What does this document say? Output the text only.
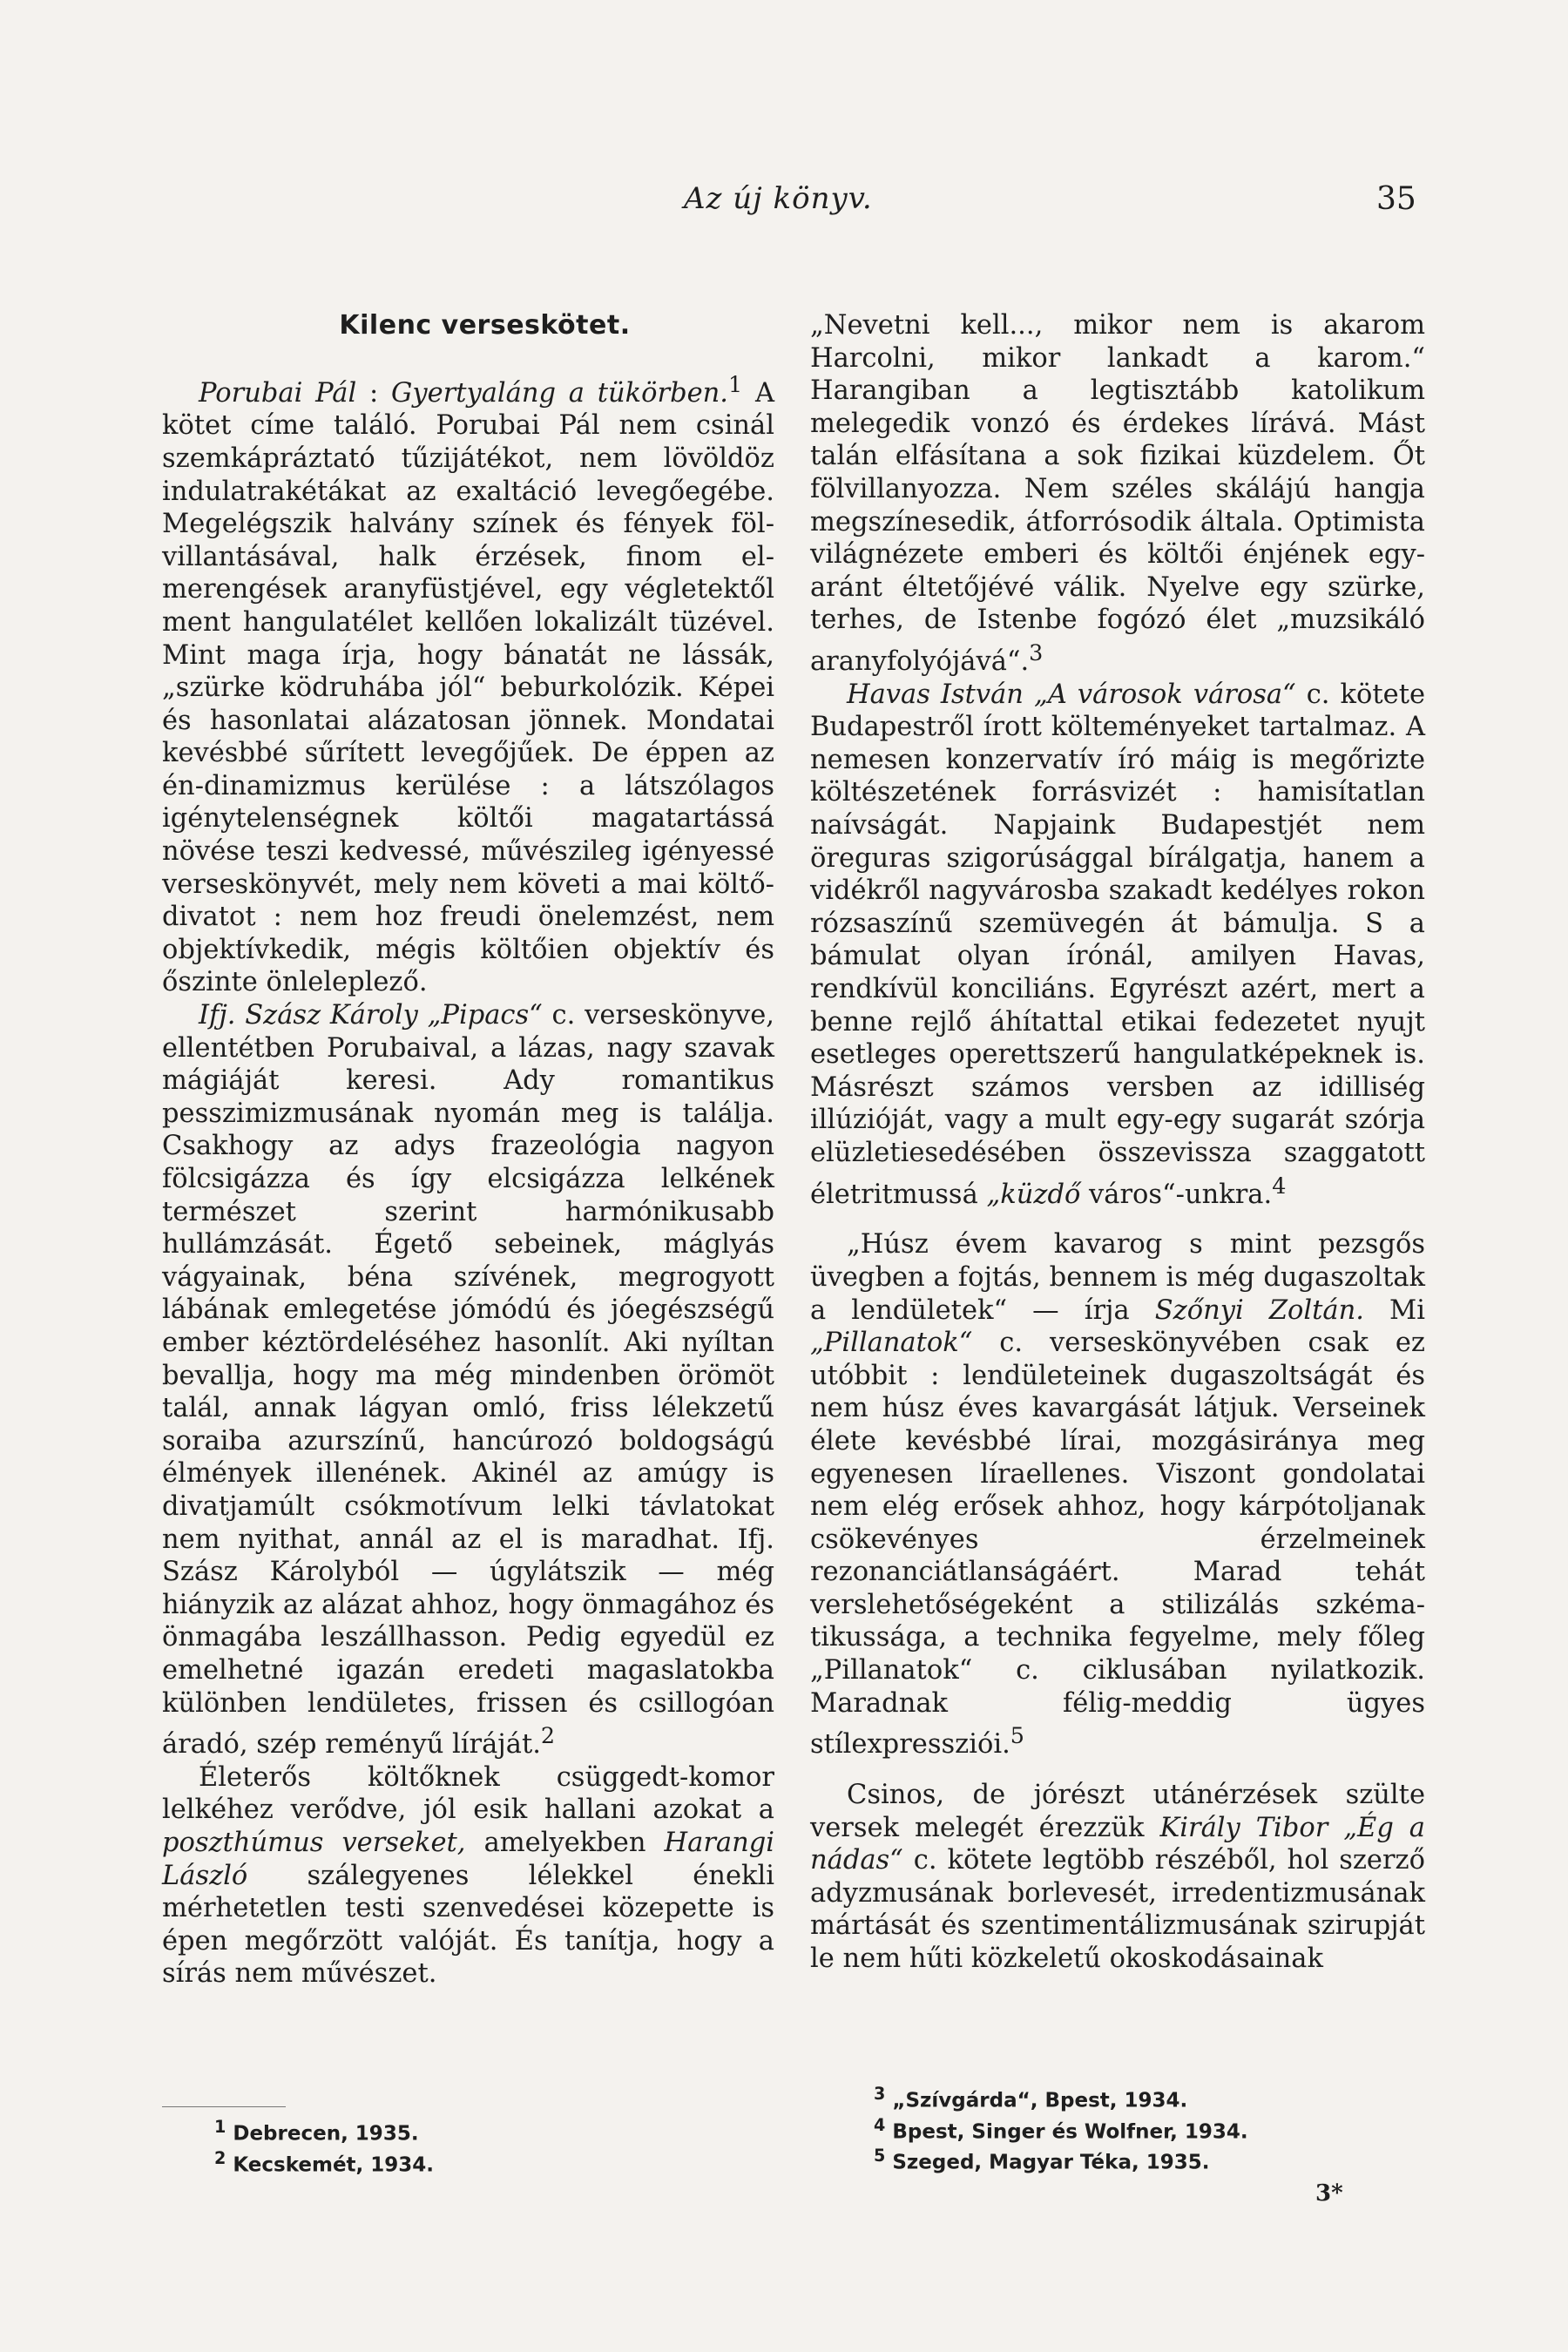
Az új könyv.	35
Kilenc verseskötet.

Porubai Pál : Gyertyaláng a tükörben.$^1$ A kötet címe találó. Porubai Pál nem csinál szemkápráztató tűzijátékot, nem lövöldöz indulatrakétákat az exaltáció levegőegébe. Megelégszik halvány színek és fények fölvillantásával, halk érzések, finom elmerengések aranyfüstjével, egy végletektől ment hangulatélet kellően lokalizált tüzével. Mint maga írja, hogy bánatát ne lássák, „szürke ködruhába jól“ beburkolózik. Képei és hasonlatai alázatosan jönnek. Mondatai kevésbbé sűrített levegőjűek. De éppen az én-dinamizmus kerülése : a látszólagos igénytelenségnek költői magatartássá növése teszi kedvessé, művészileg igényessé verseskönyvét, mely nem követi a mai költő-divatot : nem hoz freudi önelemzést, nem objektívkedik, mégis költőien objektív és őszinte önleleplező.

Ifj. Szász Károly „Pipacs“ c. verseskönyve, ellentétben Porubaival, a lázas, nagy szavak mágiáját keresi. Ady romantikus pesszimizmusának nyomán meg is találja. Csakhogy az adys frazeológia nagyon fölcsigázza és így elcsigázza lelkének természet szerint harmónikusabb hullámzását. Égető sebeinek, máglyás vágyainak, béna szívének, megrogyott lábának emlegetése jómódú és jóegészségű ember kéztördeléséhez hasonlít. Aki nyíltan bevallja, hogy ma még mindenben örömöt talál, annak lágyan omló, friss lélekzetű soraiba azurszínű, hancúrozó boldogságú élmények illenének. Akinél az amúgy is divatjamúlt csókmotívum lelki távlatokat nem nyithat, annál az el is maradhat. Ifj. Szász Károlyból — úgylátszik — még hiányzik az alázat ahhoz, hogy önmagához és önmagába leszállhasson. Pedig egyedül ez emelhetné igazán eredeti magaslatokba különben lendületes, frissen és csillogóan áradó, szép reményű líráját.$^2$

Életerős költőknek csüggedt-komor lelkéhez verődve, jól esik hallani azokat a poszthúmus verseket, amelyekben Harangi László szálegyenes lélekkel énekli mérhetetlen testi szenvedései közepette is épen megőrzött valóját. És tanítja, hogy a sírás nem művészet.

„Nevetni kell..., mikor nem is akarom Harcolni, mikor lankadt a karom.“ Harangiban a legtisztább katolikum melegedik vonzó és érdekes lírává. Mást talán elfásítana a sok fizikai küzdelem. Őt fölvillanyozza. Nem széles skálájú hangja megszínesedik, átforrósodik általa. Optimista világnézete emberi és költői énjének egyaránt éltetőjévé válik. Nyelve egy szürke, terhes, de Istenbe fogózó élet „muzsikáló aranyfolyójává“.$^3$

Havas István „A városok városa“ c. kötete Budapestről írott költeményeket tartalmaz. A nemesen konzervatív író máig is megőrizte költészetének forrásvizét : hamisítatlan naívságát. Napjaink Budapestjét nem öreguras szigorúsággal bírálgatja, hanem a vidékről nagyvárosba szakadt kedélyes rokon rózsaszínű szemüvegén át bámulja. S a bámulat olyan írónál, amilyen Havas, rendkívül konciliáns. Egyrészt azért, mert a benne rejlő áhítattal etikai fedezetet nyujt esetleges operettszerű hangulatképeknek is. Másrészt számos versben az idilliség illúzióját, vagy a mult egy-egy sugarát szórja elüzletiesedésében összevissza szaggatott életritmussá „küzdő város“-unkra.$^4$

„Húsz évem kavarog s mint pezsgős üvegben a fojtás, bennem is még dugaszoltak a lendületek“ — írja Szőnyi Zoltán. Mi „Pillanatok“ c. verseskönyvében csak ez utóbbit : lendületeinek dugaszoltságát és nem húsz éves kavargását látjuk. Verseinek élete kevésbbé lírai, mozgásiránya meg egyenesen líraellenes. Viszont gondolatai nem elég erősek ahhoz, hogy kárpótoljanak csökevényes érzelmeinek rezonanciátlanságáért. Marad tehát verslehetőségeként a stilizálás szkématikussága, a technika fegyelme, mely főleg „Pillanatok“ c. ciklusában nyilatkozik. Maradnak félig-meddig ügyes stílexpressziói.$^5$

Csinos, de jórészt utánérzések szülte versek melegét érezzük Király Tibor „Ég a nádas“ c. kötete legtöbb részéből, hol szerző adyzmusának borlevesét, irredentizmusának mártását és szentimentálizmusának szirupját le nem hűti közkeletű okoskodásainak

$^1$ Debrecen, 1935.
$^2$ Kecskemét, 1934.
$^3$ „Szívgárda“, Bpest, 1934.
$^4$ Bpest, Singer és Wolfner, 1934.
$^5$ Szeged, Magyar Téka, 1935.
3*
